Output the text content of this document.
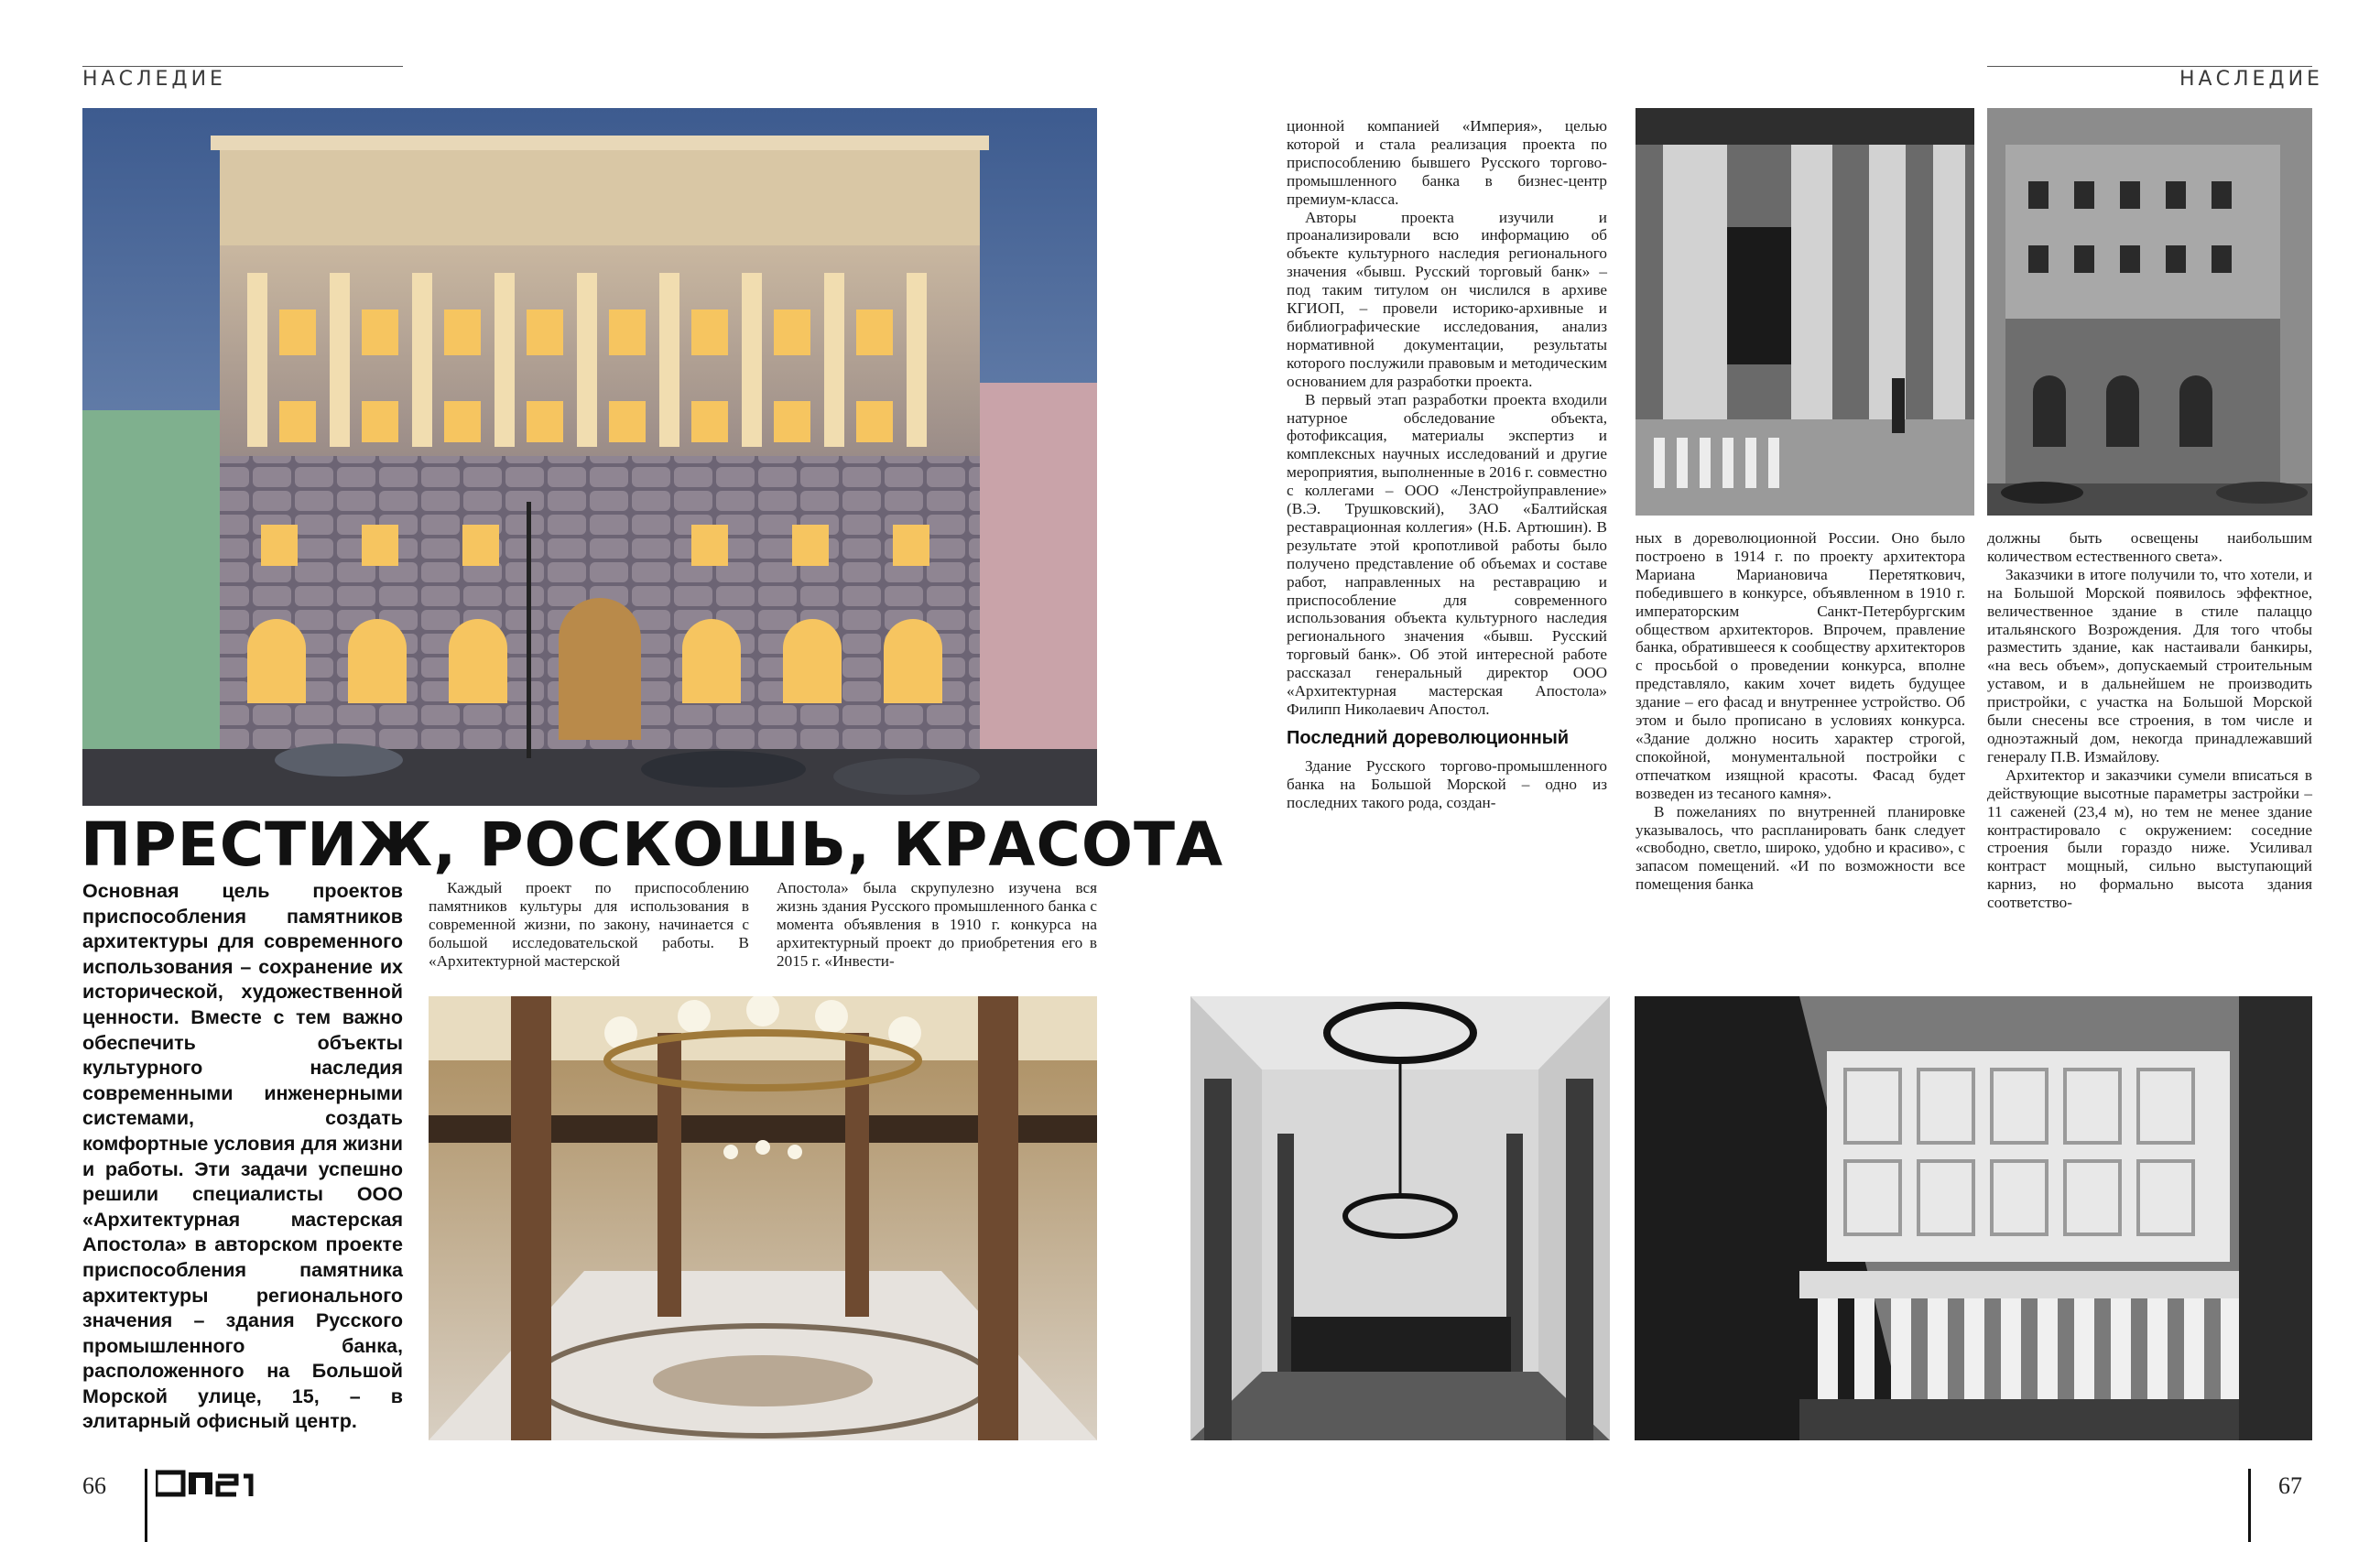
НАСЛЕДИЕ	НАСЛЕДИЕ
ПРЕСТИЖ, РОСКОШЬ, КРАСОТА
Основная цель проектов приспособления памятников архитектуры для современного использования – сохранение их исторической, художественной ценности. Вместе с тем важно обеспечить объекты культурного наследия современными инженерными системами, создать комфортные условия для жизни и работы. Эти задачи успешно решили специалисты ООО «Архитектурная мастерская Апостола» в авторском проекте приспособления памятника архитектуры регионального значения – здания Русского промышленного банка, расположенного на Большой Морской улице, 15, – в элитарный офисный центр.

Каждый проект по приспособлению памятников культуры для использования в современной жизни, по закону, начинается с большой исследовательской работы. В «Архитектурной мастерской

Апостола» была скрупулезно изучена вся жизнь здания Русского промышленного банка с момента объявления в 1910 г. конкурса на архитектурный проект до приобретения его в 2015 г. «Инвести-

ционной компанией «Империя», целью которой и стала реализация проекта по приспособлению бывшего Русского торгово-промышленного банка в бизнес-центр премиум-класса.

Авторы проекта изучили и проанализировали всю информацию об объекте культурного наследия регионального значения «бывш. Русский торговый банк» – под таким титулом он числился в архиве КГИОП, – провели историко-архивные и библиографические исследования, анализ нормативной документации, результаты которого послужили правовым и методическим основанием для разработки проекта.

В первый этап разработки проекта входили натурное обследование объекта, фотофиксация, материалы экспертиз и комплексных научных исследований и другие мероприятия, выполненные в 2016 г. совместно с коллегами – ООО «Ленстройуправление» (В.Э. Трушковский), ЗАО «Балтийская реставрационная коллегия» (Н.Б. Артюшин). В результате этой кропотливой работы было получено представление об объемах и составе работ, направленных на реставрацию и приспособление для современного использования объекта культурного наследия регионального значения «бывш. Русский торговый банк». Об этой интересной работе рассказал генеральный директор ООО «Архитектурная мастерская Апостола» Филипп Николаевич Апостол.

Последний дореволюционный

Здание Русского торгово-промышленного банка на Большой Морской – одно из последних такого рода, создан-

ных в дореволюционной России. Оно было построено в 1914 г. по проекту архитектора Мариана Мариановича Перетяткович, победившего в конкурсе, объявленном в 1910 г. императорским Санкт-Петербургским обществом архитекторов. Впрочем, правление банка, обратившееся к сообществу архитекторов с просьбой о проведении конкурса, вполне представляло, каким хочет видеть будущее здание – его фасад и внутреннее устройство. Об этом и было прописано в условиях конкурса. «Здание должно носить характер строгой, спокойной, монументальной постройки с отпечатком изящной красоты. Фасад будет возведен из тесаного камня».

В пожеланиях по внутренней планировке указывалось, что распланировать банк следует «свободно, светло, широко, удобно и красиво», с запасом помещений. «И по возможности все помещения банка

должны быть освещены наибольшим количеством естественного света».

Заказчики в итоге получили то, что хотели, и на Большой Морской появилось эффектное, величественное здание в стиле палаццо итальянского Возрождения. Для того чтобы разместить здание, как настаивали банкиры, «на весь объем», допускаемый строительным уставом, и в дальнейшем не производить пристройки, с участка на Большой Морской были снесены все строения, в том числе и одноэтажный дом, некогда принадлежавший генералу П.В. Измайлову.

Архитектор и заказчики сумели вписаться в действующие высотные параметры застройки – 11 саженей (23,4 м), но тем не менее здание контрастировало с окружением: соседние строения были гораздо ниже. Усиливал контраст мощный, сильно выступающий карниз, но формально высота здания соответство-

66	67
